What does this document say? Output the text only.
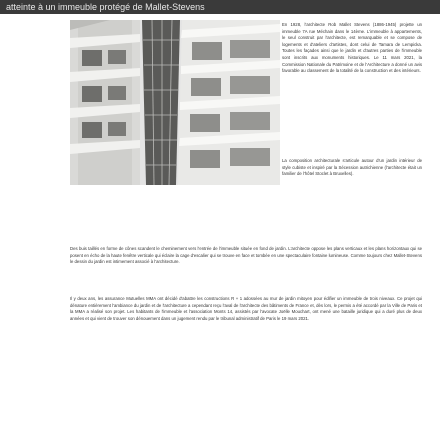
atteinte à un immeuble protégé de Mallet-Stevens

En 1928, l'architecte Rob Mallet Stevens (1886-1945) projette un immeuble 7A rue Méchain dans le 14ème. L'immeuble à appartements, le seul construit par l'architecte, est remarquable et se compose de logements et d'ateliers d'artistes, dont celui de Tamara de Lempicka. Toutes les façades ainsi que le jardin et d'autres parties de l'immeuble sont inscrits aux monuments historiques. Le 11 mars 2021, la Commission Nationale du Patrimoine et de l'Architecture a donné un avis favorable au classement de la totalité de la construction et des intérieurs.

La composition architecturale s'articule autour d'un jardin intérieur de style cubiste et inspiré par la Sécession autrichienne (l'architecte était un familier de l'hôtel Stoclet à Bruxelles).

Des buis taillés en forme de cônes scandent le cheminement vers l'entrée de l'immeuble située en fond de jardin. L'architecte oppose les plans verticaux et les plans horizontaux qui se posent en écho de la haute fenêtre verticale qui éclaire la cage d'escalier qui se trouve en face et tombée en une spectaculaire fontaine lumineuse. Comme toujours chez Mallet-Stevens le dessin du jardin est intimement associé à l'architecture.

Il y deux ans, les assurance Mutuelles MMA ont décidé d'abattre les constructions R + 1 adossées au mur de jardin mitoyen pour édifier un immeuble de trois niveaux. Ce projet qui dénature entièrement l'ambiance du jardin et de l'architecture a cependant reçu l'aval de l'architecte des bâtiments de France et, dès lors, le permis a été accordé par la Ville de Paris et la MMA a réalisé son projet. Les habitants de l'immeuble et l'association Monts 14, assistés par l'avocate Joëlle Mouchart, ont mené une bataille juridique qui a duré plus de deux années et qui vient de trouver son dénouement dans un jugement rendu par le tribunal administratif de Paris le 19 mars 2021.
